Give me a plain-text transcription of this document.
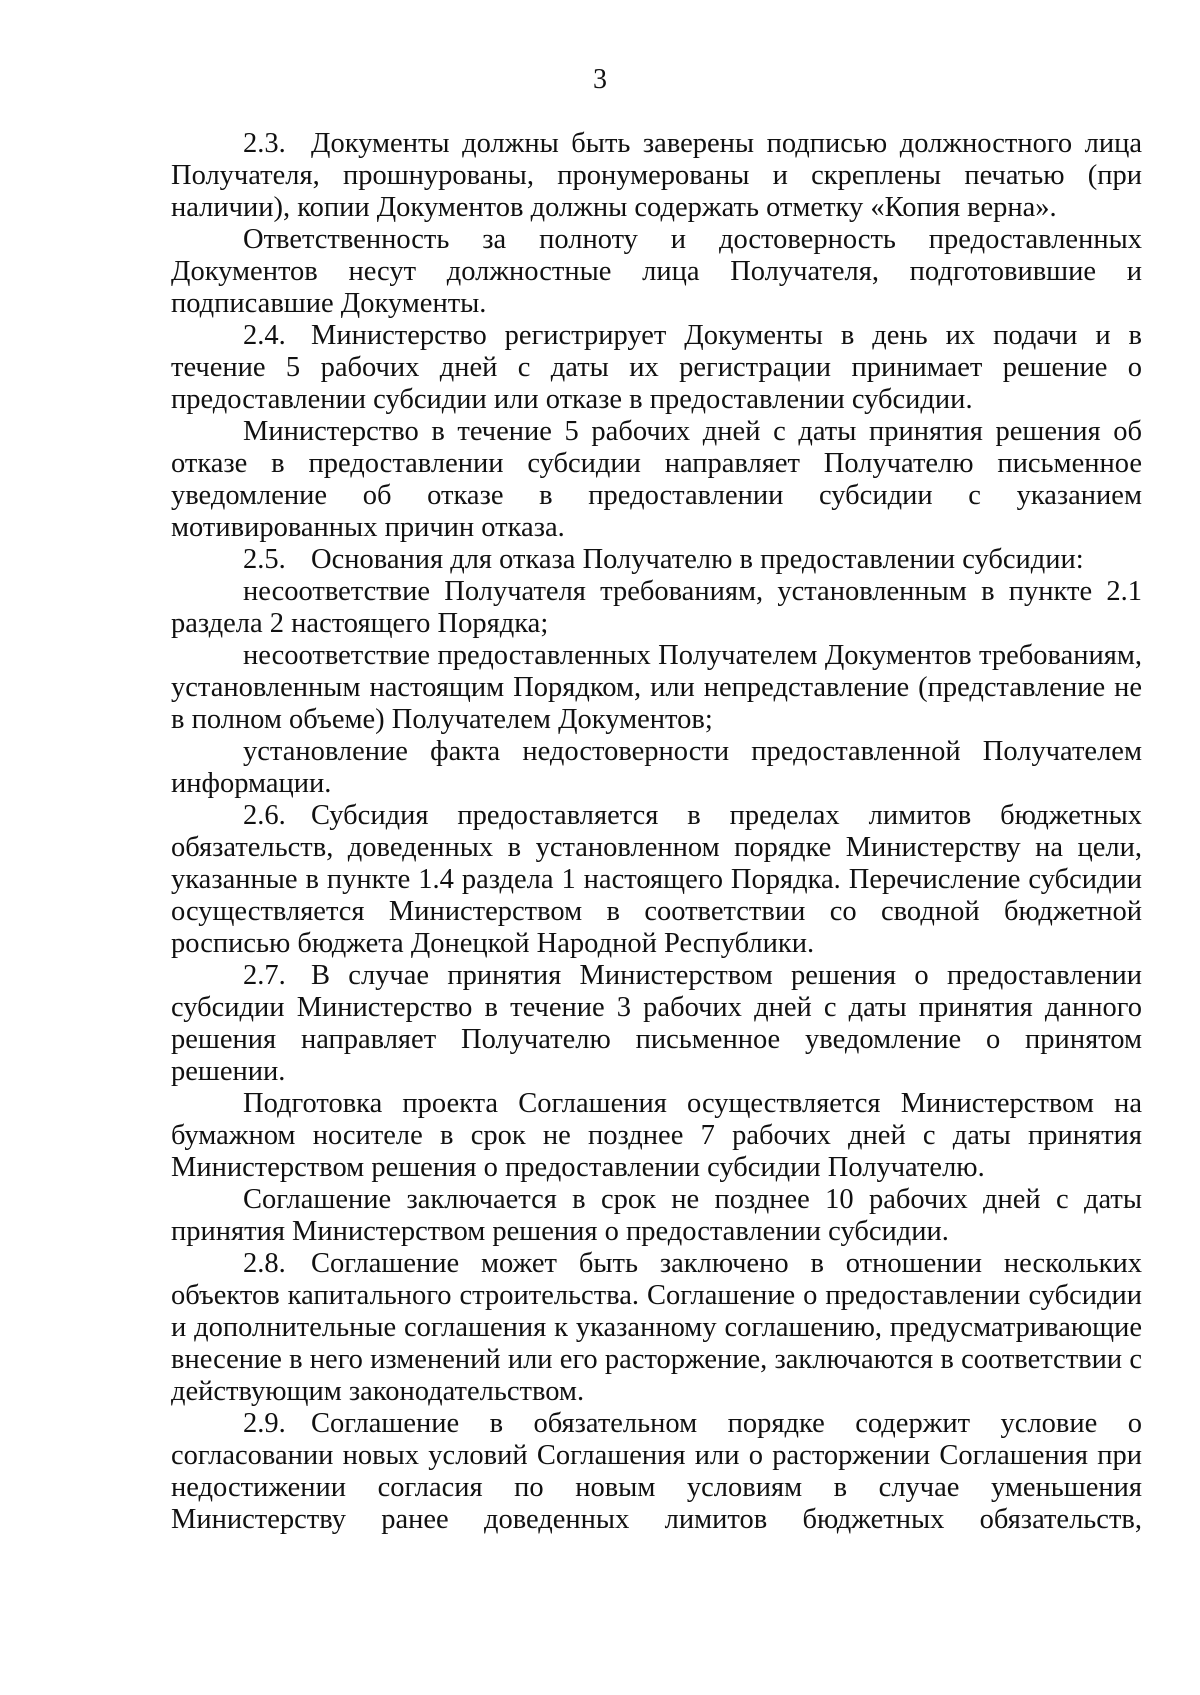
3

2.3. Документы должны быть заверены подписью должностного лица Получателя, прошнурованы, пронумерованы и скреплены печатью (при наличии), копии Документов должны содержать отметку «Копия верна».

Ответственность за полноту и достоверность предоставленных Документов несут должностные лица Получателя, подготовившие и подписавшие Документы.

2.4. Министерство регистрирует Документы в день их подачи и в течение 5 рабочих дней с даты их регистрации принимает решение о предоставлении субсидии или отказе в предоставлении субсидии.

Министерство в течение 5 рабочих дней с даты принятия решения об отказе в предоставлении субсидии направляет Получателю письменное уведомление об отказе в предоставлении субсидии с указанием мотивированных причин отказа.

2.5. Основания для отказа Получателю в предоставлении субсидии:

несоответствие Получателя требованиям, установленным в пункте 2.1 раздела 2 настоящего Порядка;

несоответствие предоставленных Получателем Документов требованиям, установленным настоящим Порядком, или непредставление (представление не в полном объеме) Получателем Документов;

установление факта недостоверности предоставленной Получателем информации.

2.6. Субсидия предоставляется в пределах лимитов бюджетных обязательств, доведенных в установленном порядке Министерству на цели, указанные в пункте 1.4 раздела 1 настоящего Порядка. Перечисление субсидии осуществляется Министерством в соответствии со сводной бюджетной росписью бюджета Донецкой Народной Республики.

2.7. В случае принятия Министерством решения о предоставлении субсидии Министерство в течение 3 рабочих дней с даты принятия данного решения направляет Получателю письменное уведомление о принятом решении.

Подготовка проекта Соглашения осуществляется Министерством на бумажном носителе в срок не позднее 7 рабочих дней с даты принятия Министерством решения о предоставлении субсидии Получателю.

Соглашение заключается в срок не позднее 10 рабочих дней с даты принятия Министерством решения о предоставлении субсидии.

2.8. Соглашение может быть заключено в отношении нескольких объектов капитального строительства. Соглашение о предоставлении субсидии и дополнительные соглашения к указанному соглашению, предусматривающие внесение в него изменений или его расторжение, заключаются в соответствии с действующим законодательством.

2.9. Соглашение в обязательном порядке содержит условие о согласовании новых условий Соглашения или о расторжении Соглашения при недостижении согласия по новым условиям в случае уменьшения Министерству ранее доведенных лимитов бюджетных обязательств,
